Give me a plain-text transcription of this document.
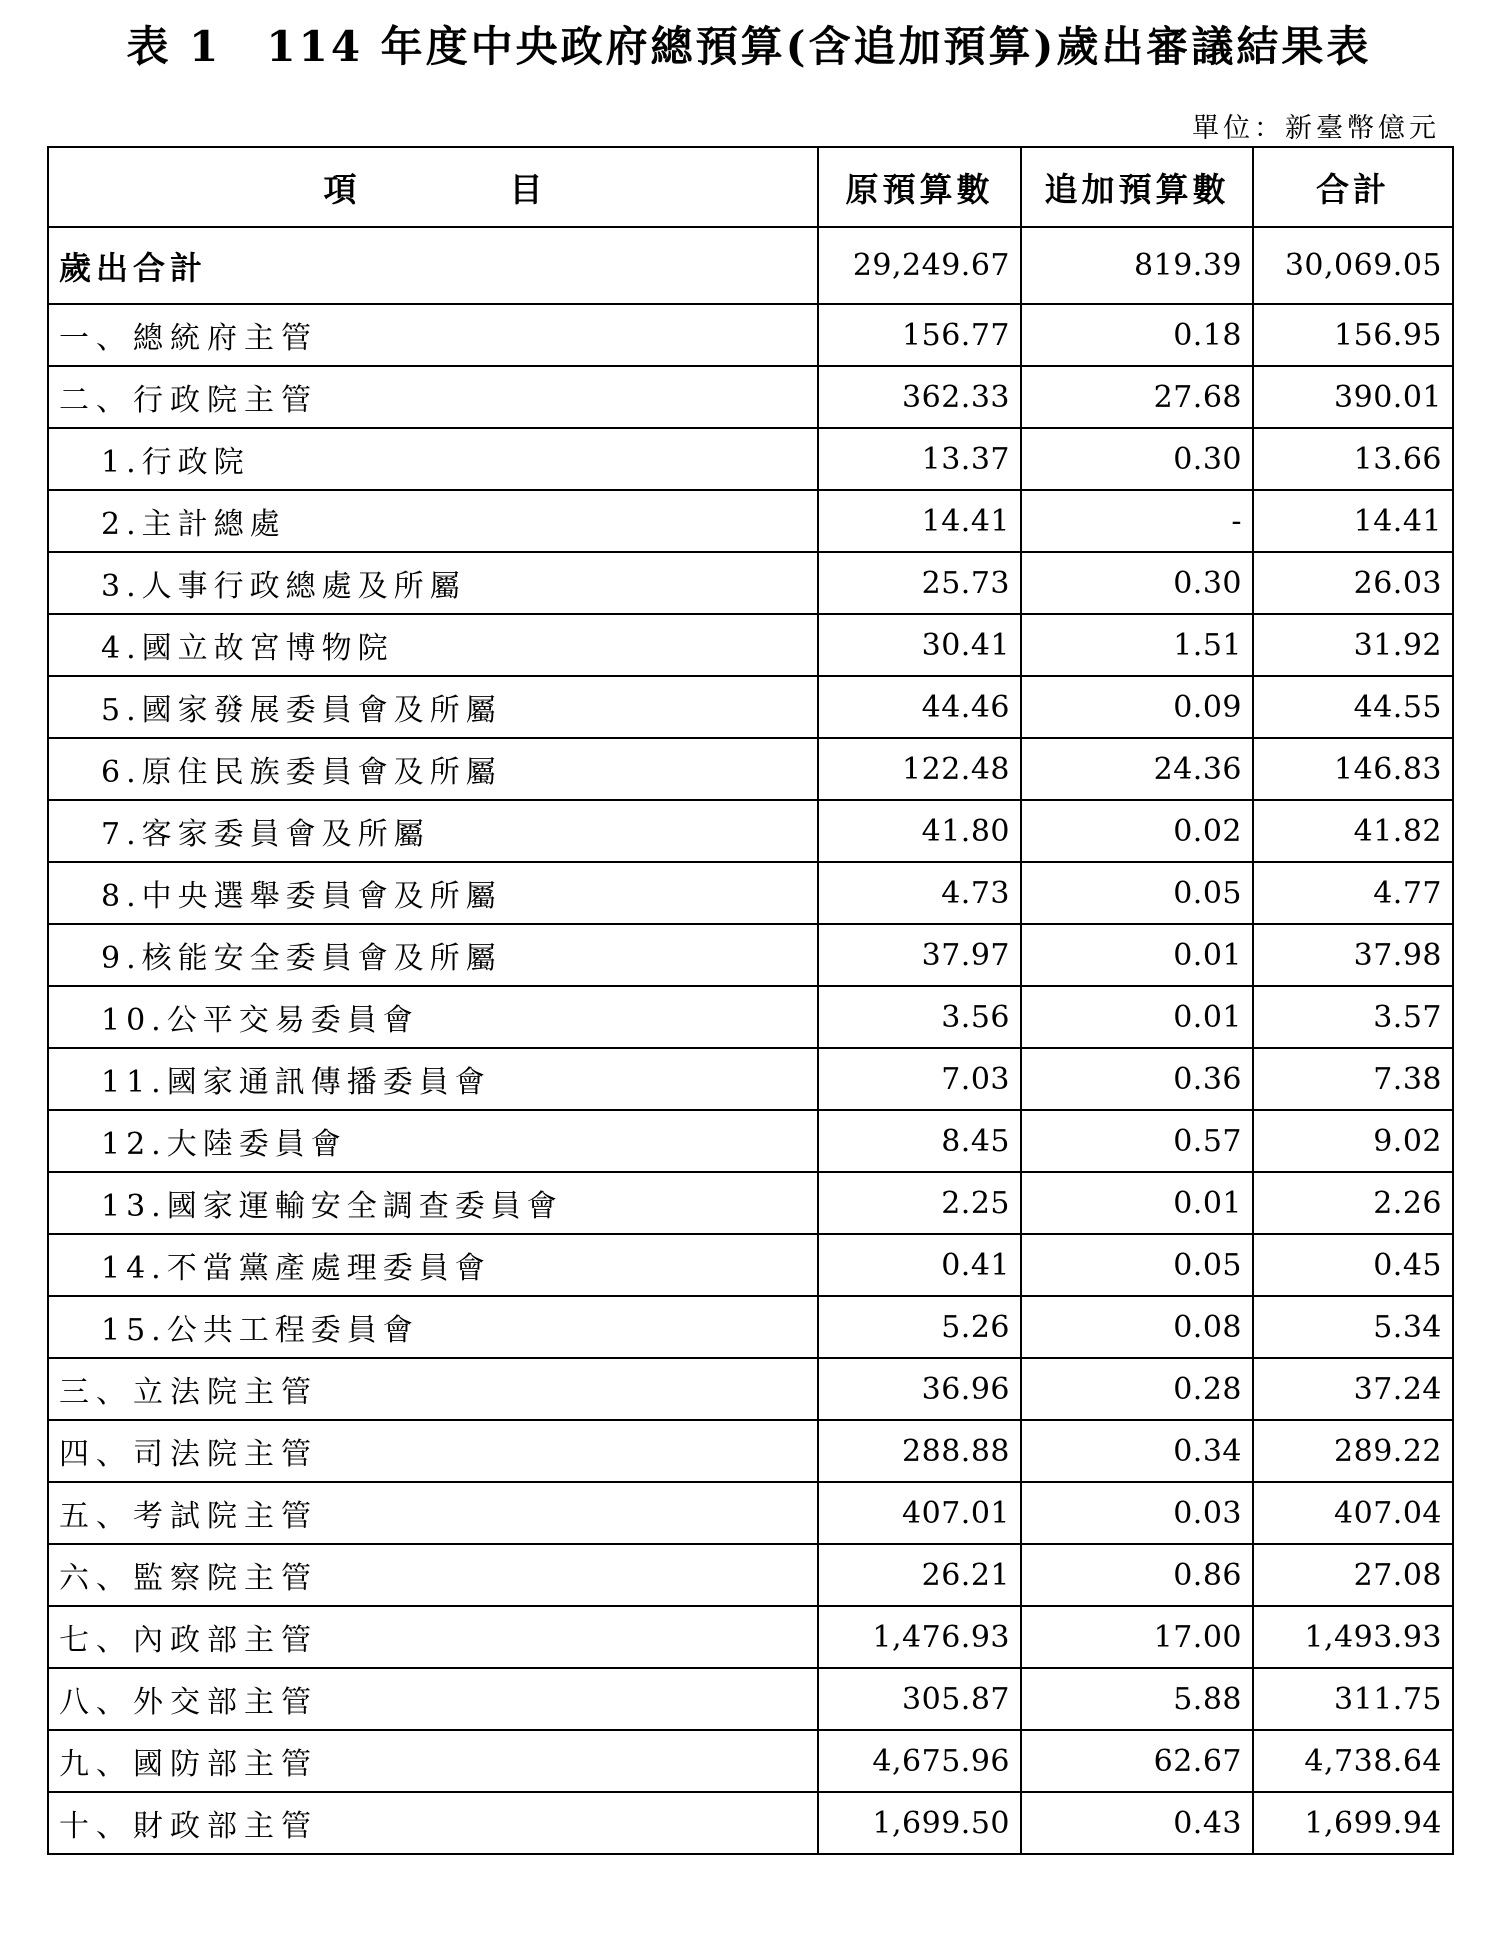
表 1　114 年度中央政府總預算(含追加預算)歲出審議結果表
單位：新臺幣億元
項　目	原預算數	追加預算數	合計
歲出合計	29,249.67	819.39	30,069.05
一、總統府主管	156.77	0.18	156.95
二、行政院主管	362.33	27.68	390.01
1.行政院	13.37	0.30	13.66
2.主計總處	14.41	-	14.41
3.人事行政總處及所屬	25.73	0.30	26.03
4.國立故宮博物院	30.41	1.51	31.92
5.國家發展委員會及所屬	44.46	0.09	44.55
6.原住民族委員會及所屬	122.48	24.36	146.83
7.客家委員會及所屬	41.80	0.02	41.82
8.中央選舉委員會及所屬	4.73	0.05	4.77
9.核能安全委員會及所屬	37.97	0.01	37.98
10.公平交易委員會	3.56	0.01	3.57
11.國家通訊傳播委員會	7.03	0.36	7.38
12.大陸委員會	8.45	0.57	9.02
13.國家運輸安全調查委員會	2.25	0.01	2.26
14.不當黨產處理委員會	0.41	0.05	0.45
15.公共工程委員會	5.26	0.08	5.34
三、立法院主管	36.96	0.28	37.24
四、司法院主管	288.88	0.34	289.22
五、考試院主管	407.01	0.03	407.04
六、監察院主管	26.21	0.86	27.08
七、內政部主管	1,476.93	17.00	1,493.93
八、外交部主管	305.87	5.88	311.75
九、國防部主管	4,675.96	62.67	4,738.64
十、財政部主管	1,699.50	0.43	1,699.94
